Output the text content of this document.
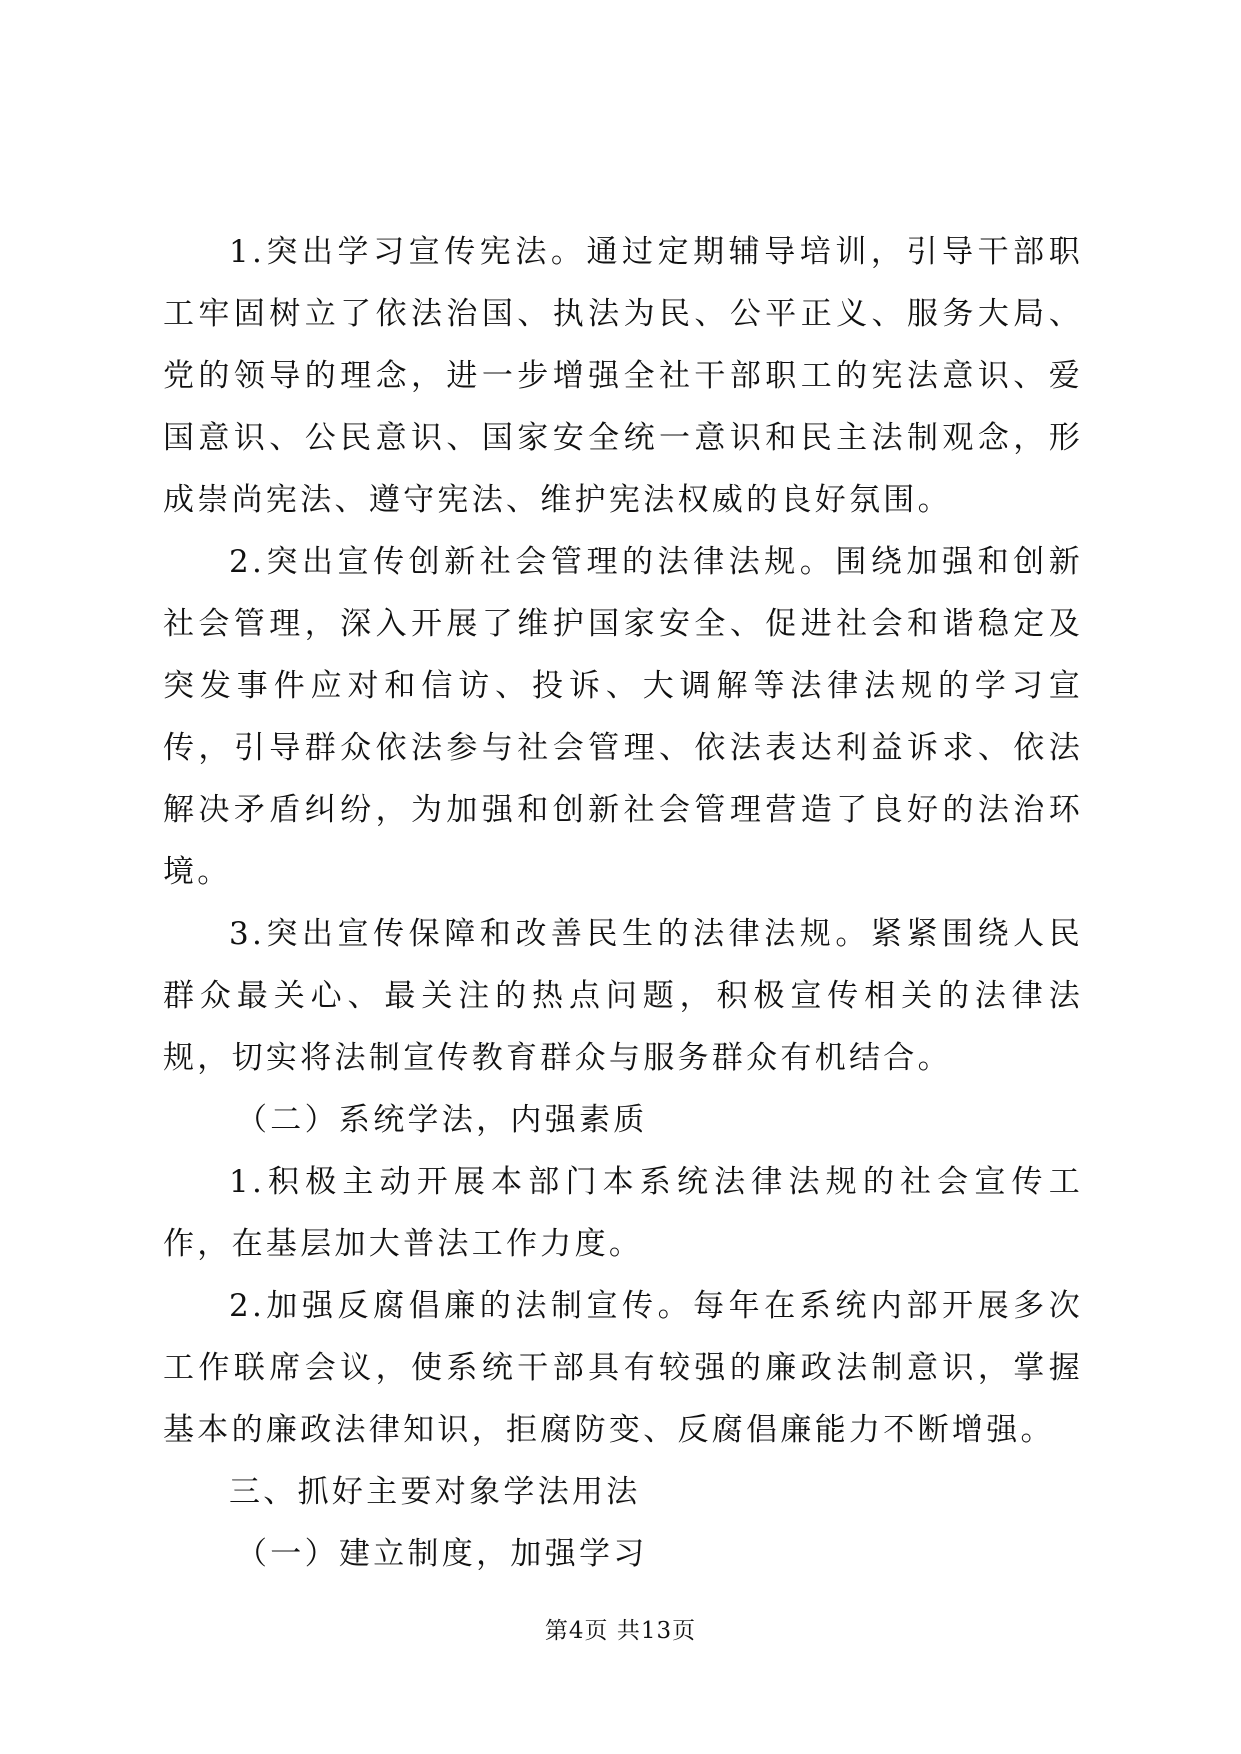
1.突出学习宣传宪法。通过定期辅导培训，引导干部职工牢固树立了依法治国、执法为民、公平正义、服务大局、党的领导的理念，进一步增强全社干部职工的宪法意识、爱国意识、公民意识、国家安全统一意识和民主法制观念，形成崇尚宪法、遵守宪法、维护宪法权威的良好氛围。

2.突出宣传创新社会管理的法律法规。围绕加强和创新社会管理，深入开展了维护国家安全、促进社会和谐稳定及突发事件应对和信访、投诉、大调解等法律法规的学习宣传，引导群众依法参与社会管理、依法表达利益诉求、依法解决矛盾纠纷，为加强和创新社会管理营造了良好的法治环境。

3.突出宣传保障和改善民生的法律法规。紧紧围绕人民群众最关心、最关注的热点问题，积极宣传相关的法律法规，切实将法制宣传教育群众与服务群众有机结合。

（二）系统学法，内强素质

1.积极主动开展本部门本系统法律法规的社会宣传工作，在基层加大普法工作力度。

2.加强反腐倡廉的法制宣传。每年在系统内部开展多次工作联席会议，使系统干部具有较强的廉政法制意识，掌握基本的廉政法律知识，拒腐防变、反腐倡廉能力不断增强。

三、抓好主要对象学法用法

（一）建立制度，加强学习

第4页 共13页
